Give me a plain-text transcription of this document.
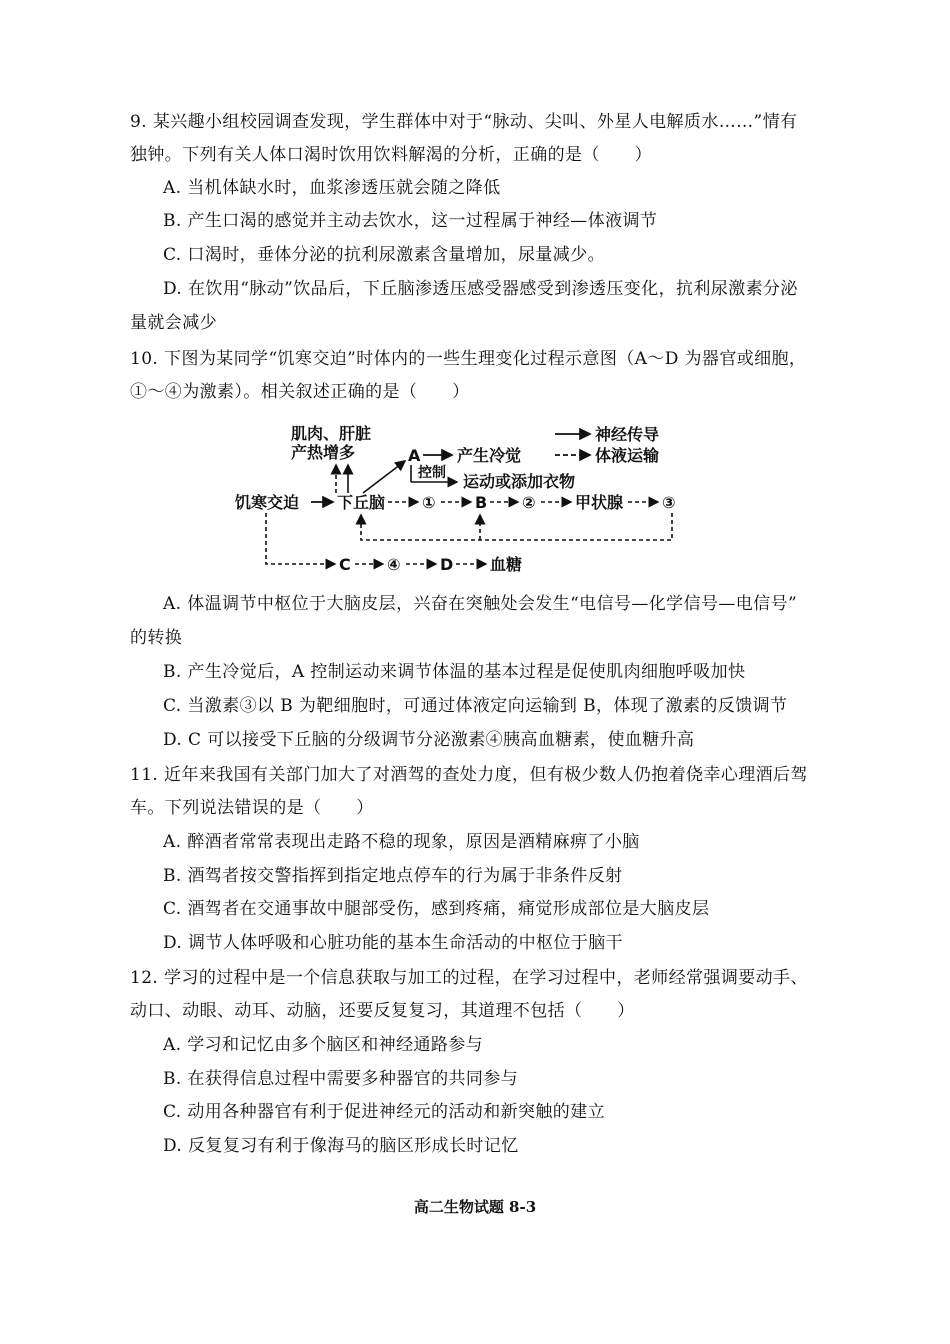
9. 某兴趣小组校园调查发现，学生群体中对于“脉动、尖叫、外星人电解质水……”情有
独钟。下列有关人体口渴时饮用饮料解渴的分析，正确的是（　　）
A. 当机体缺水时，血浆渗透压就会随之降低
B. 产生口渴的感觉并主动去饮水，这一过程属于神经—体液调节
C. 口渴时，垂体分泌的抗利尿激素含量增加，尿量减少。
D. 在饮用“脉动”饮品后，下丘脑渗透压感受器感受到渗透压变化，抗利尿激素分泌
量就会减少
10. 下图为某同学“饥寒交迫”时体内的一些生理变化过程示意图（A～D 为器官或细胞，
①～④为激素）。相关叙述正确的是（　　）
肌肉、肝脏
产热增多	A 产生冷觉
控制 运动或添加衣物
神经传导
体液运输
饥寒交迫 下丘脑 ① B ② 甲状腺 ③
C ④ D 血糖
A. 体温调节中枢位于大脑皮层，兴奋在突触处会发生“电信号—化学信号—电信号”
的转换
B. 产生冷觉后，A 控制运动来调节体温的基本过程是促使肌肉细胞呼吸加快
C. 当激素③以 B 为靶细胞时，可通过体液定向运输到 B，体现了激素的反馈调节
D. C 可以接受下丘脑的分级调节分泌激素④胰高血糖素，使血糖升高
11. 近年来我国有关部门加大了对酒驾的查处力度，但有极少数人仍抱着侥幸心理酒后驾
车。下列说法错误的是（　　）
A. 醉酒者常常表现出走路不稳的现象，原因是酒精麻痹了小脑
B. 酒驾者按交警指挥到指定地点停车的行为属于非条件反射
C. 酒驾者在交通事故中腿部受伤，感到疼痛，痛觉形成部位是大脑皮层
D. 调节人体呼吸和心脏功能的基本生命活动的中枢位于脑干
12. 学习的过程中是一个信息获取与加工的过程，在学习过程中，老师经常强调要动手、
动口、动眼、动耳、动脑，还要反复复习，其道理不包括（　　）
A. 学习和记忆由多个脑区和神经通路参与
B. 在获得信息过程中需要多种器官的共同参与
C. 动用各种器官有利于促进神经元的活动和新突触的建立
D. 反复复习有利于像海马的脑区形成长时记忆
高二生物试题 8-3
